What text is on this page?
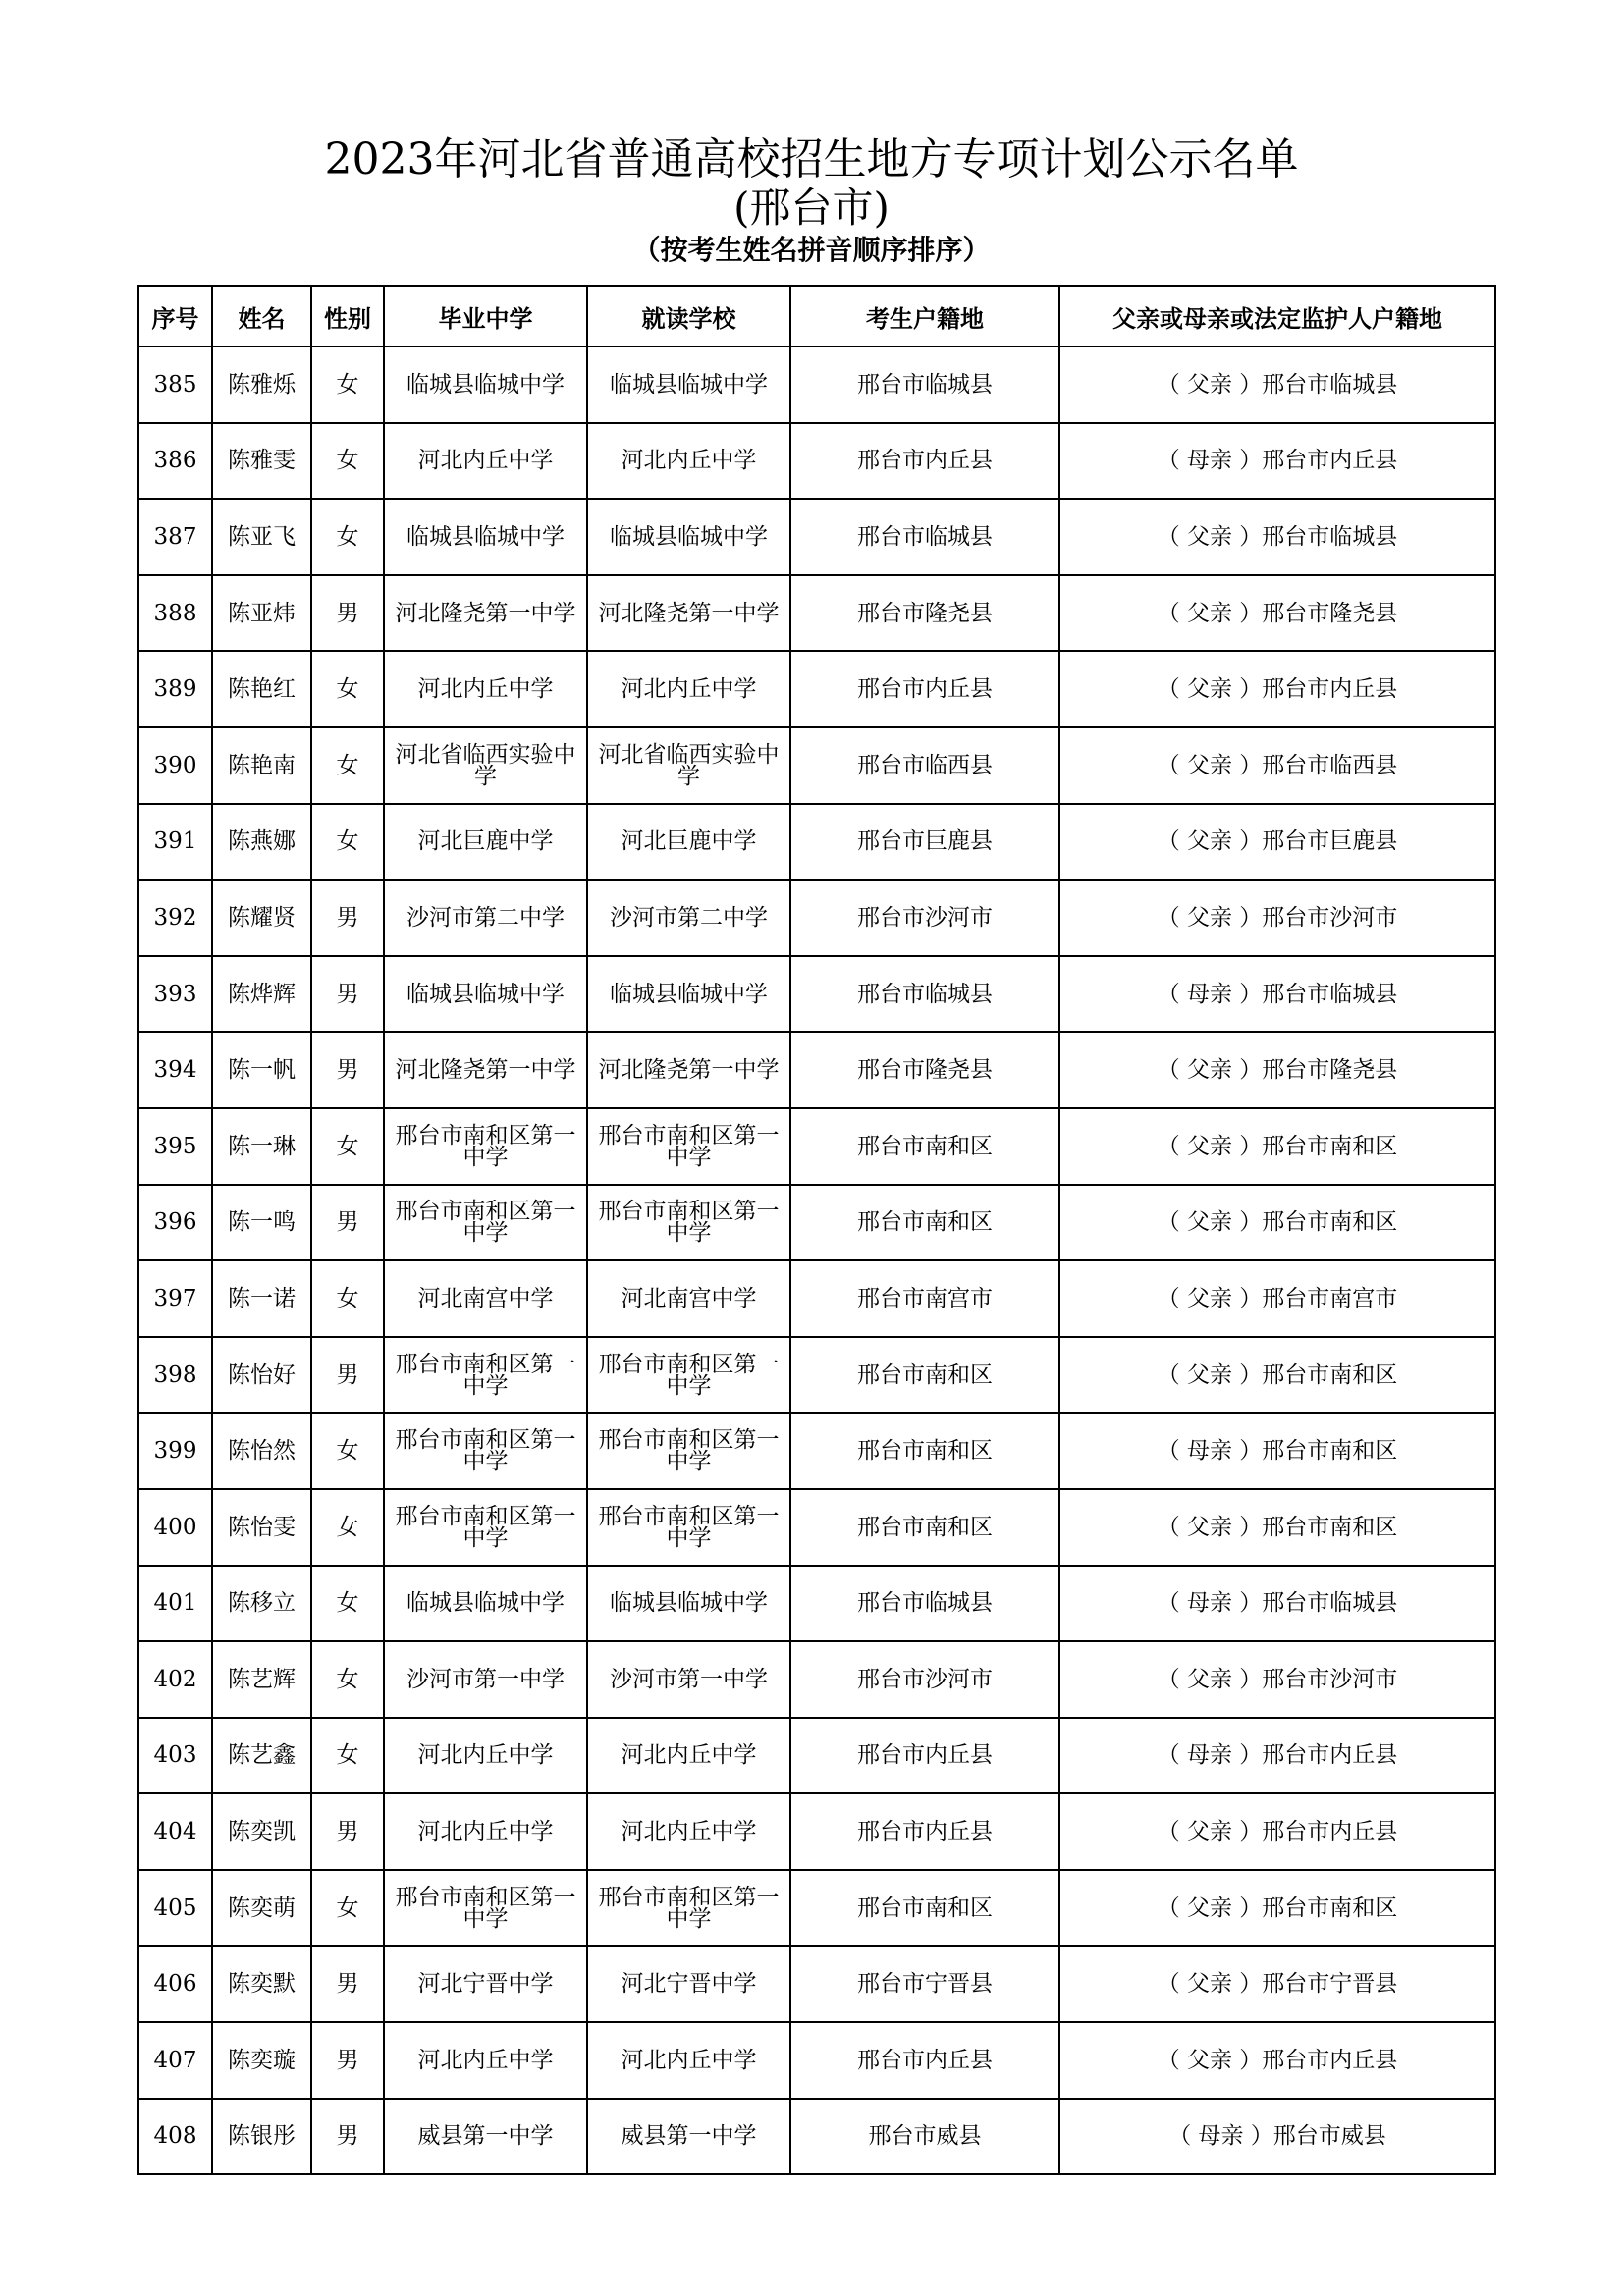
2023年河北省普通高校招生地方专项计划公示名单
(邢台市)
（按考生姓名拼音顺序排序）
序号	姓名	性别	毕业中学	就读学校	考生户籍地	父亲或母亲或法定监护人户籍地
385	陈雅烁	女	临城县临城中学	临城县临城中学	邢台市临城县	（ 父亲 ）邢台市临城县
386	陈雅雯	女	河北内丘中学	河北内丘中学	邢台市内丘县	（ 母亲 ）邢台市内丘县
387	陈亚飞	女	临城县临城中学	临城县临城中学	邢台市临城县	（ 父亲 ）邢台市临城县
388	陈亚炜	男	河北隆尧第一中学	河北隆尧第一中学	邢台市隆尧县	（ 父亲 ）邢台市隆尧县
389	陈艳红	女	河北内丘中学	河北内丘中学	邢台市内丘县	（ 父亲 ）邢台市内丘县
390	陈艳南	女	河北省临西实验中学	河北省临西实验中学	邢台市临西县	（ 父亲 ）邢台市临西县
391	陈燕娜	女	河北巨鹿中学	河北巨鹿中学	邢台市巨鹿县	（ 父亲 ）邢台市巨鹿县
392	陈耀贤	男	沙河市第二中学	沙河市第二中学	邢台市沙河市	（ 父亲 ）邢台市沙河市
393	陈烨辉	男	临城县临城中学	临城县临城中学	邢台市临城县	（ 母亲 ）邢台市临城县
394	陈一帆	男	河北隆尧第一中学	河北隆尧第一中学	邢台市隆尧县	（ 父亲 ）邢台市隆尧县
395	陈一琳	女	邢台市南和区第一中学	邢台市南和区第一中学	邢台市南和区	（ 父亲 ）邢台市南和区
396	陈一鸣	男	邢台市南和区第一中学	邢台市南和区第一中学	邢台市南和区	（ 父亲 ）邢台市南和区
397	陈一诺	女	河北南宫中学	河北南宫中学	邢台市南宫市	（ 父亲 ）邢台市南宫市
398	陈怡好	男	邢台市南和区第一中学	邢台市南和区第一中学	邢台市南和区	（ 父亲 ）邢台市南和区
399	陈怡然	女	邢台市南和区第一中学	邢台市南和区第一中学	邢台市南和区	（ 母亲 ）邢台市南和区
400	陈怡雯	女	邢台市南和区第一中学	邢台市南和区第一中学	邢台市南和区	（ 父亲 ）邢台市南和区
401	陈移立	女	临城县临城中学	临城县临城中学	邢台市临城县	（ 母亲 ）邢台市临城县
402	陈艺辉	女	沙河市第一中学	沙河市第一中学	邢台市沙河市	（ 父亲 ）邢台市沙河市
403	陈艺鑫	女	河北内丘中学	河北内丘中学	邢台市内丘县	（ 母亲 ）邢台市内丘县
404	陈奕凯	男	河北内丘中学	河北内丘中学	邢台市内丘县	（ 父亲 ）邢台市内丘县
405	陈奕萌	女	邢台市南和区第一中学	邢台市南和区第一中学	邢台市南和区	（ 父亲 ）邢台市南和区
406	陈奕默	男	河北宁晋中学	河北宁晋中学	邢台市宁晋县	（ 父亲 ）邢台市宁晋县
407	陈奕璇	男	河北内丘中学	河北内丘中学	邢台市内丘县	（ 父亲 ）邢台市内丘县
408	陈银彤	男	威县第一中学	威县第一中学	邢台市威县	（ 母亲 ）邢台市威县
